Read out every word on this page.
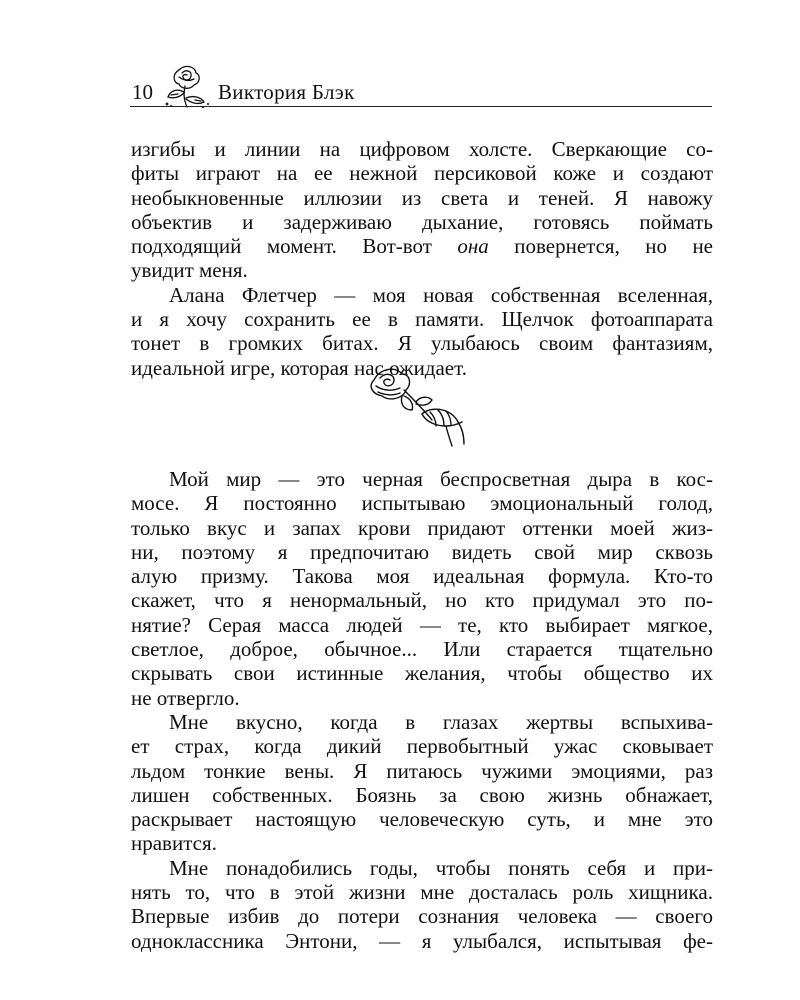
10	Виктория Блэк

изгибы и линии на цифровом холсте. Сверкающие со-
фиты играют на ее нежной персиковой коже и создают
необыкновенные иллюзии из света и теней. Я навожу
объектив и задерживаю дыхание, готовясь поймать
подходящий момент. Вот-вот она повернется, но не
увидит меня.

Алана Флетчер — моя новая собственная вселенная,
и я хочу сохранить ее в памяти. Щелчок фотоаппарата
тонет в громких битах. Я улыбаюсь своим фантазиям,
идеальной игре, которая нас ожидает.

Мой мир — это черная беспросветная дыра в кос-
мосе. Я постоянно испытываю эмоциональный голод,
только вкус и запах крови придают оттенки моей жиз-
ни, поэтому я предпочитаю видеть свой мир сквозь
алую призму. Такова моя идеальная формула. Кто-то
скажет, что я ненормальный, но кто придумал это по-
нятие? Серая масса людей — те, кто выбирает мягкое,
светлое, доброе, обычное... Или старается тщательно
скрывать свои истинные желания, чтобы общество их
не отвергло.

Мне вкусно, когда в глазах жертвы вспыхива-
ет страх, когда дикий первобытный ужас сковывает
льдом тонкие вены. Я питаюсь чужими эмоциями, раз
лишен собственных. Боязнь за свою жизнь обнажает,
раскрывает настоящую человеческую суть, и мне это
нравится.

Мне понадобились годы, чтобы понять себя и при-
нять то, что в этой жизни мне досталась роль хищника.
Впервые избив до потери сознания человека — своего
одноклассника Энтони, — я улыбался, испытывая фе-
